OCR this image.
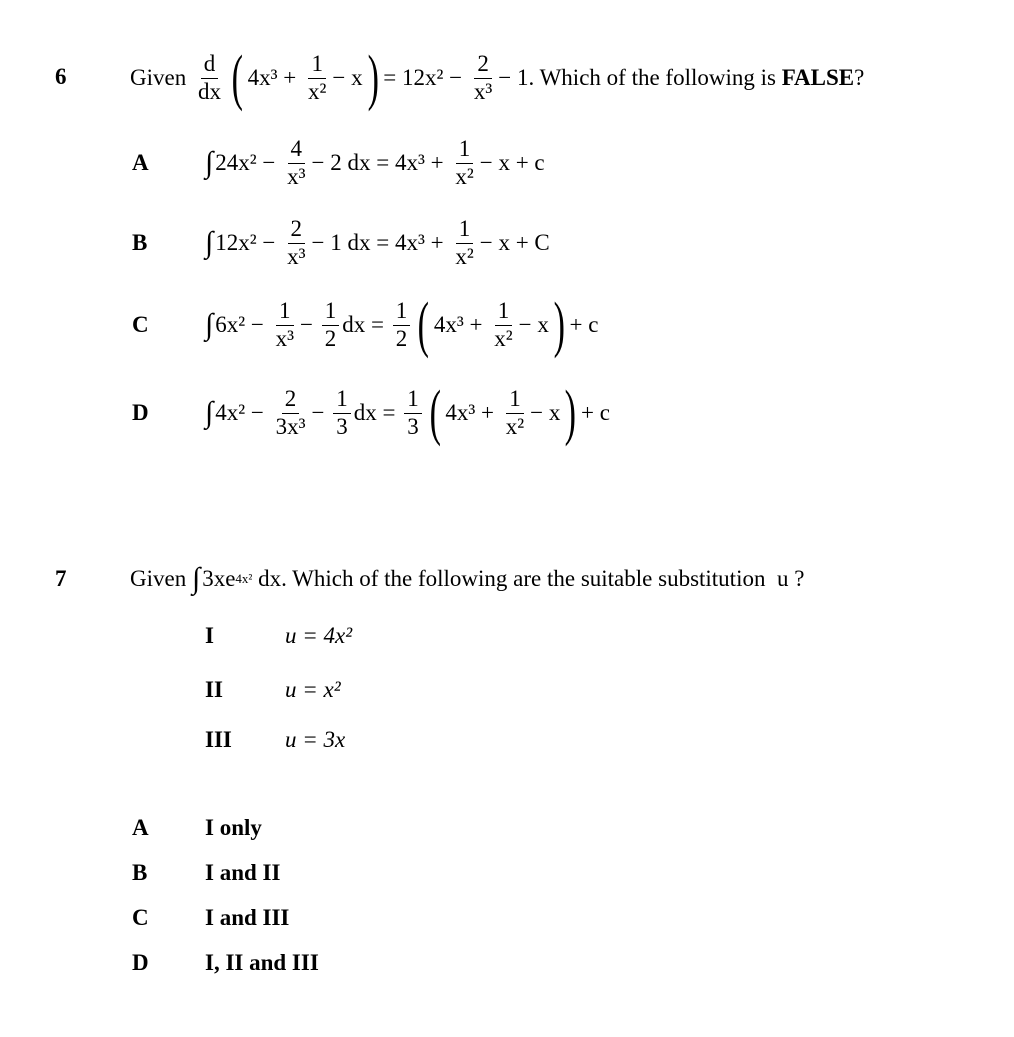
6	Given $\frac{d}{dx}$ ( $4x^3 + \frac{1}{\text{x²}} - x$ ) = $12x^2 - \frac{2}{\text{x³}} - 1$. Which of the following is FALSE ?
A ∫ $24x^2 - \frac{4}{\text{x³}} - 2$ dx = $4x^3 + \frac{1}{\text{x²}} - x + c$
B ∫ $12x^2 - \frac{2}{\text{x³}} - 1$ dx = $4x^3 + \frac{1}{\text{x²}} - x + C$
C ∫ $6x^2 - \frac{1}{\text{x³}} - \frac{1}{2}$ dx = $\frac{1}{2}$ ( $4x^3 + \frac{1}{\text{x²}} - x$ ) + c
D ∫ $4x^2 - \frac{2}{\text{3x³}} - \frac{1}{3}$ dx = $\frac{1}{3}$ ( $4x^3 + \frac{1}{\text{x²}} - x$ ) + c
7	Given ∫ 3xe 4x² dx. Which of the following are the suitable substitution  u ?
I	u = 4x²
II	u = x²
III u = 3x
A I only
B	I and II
C I and III
D I, II and III
